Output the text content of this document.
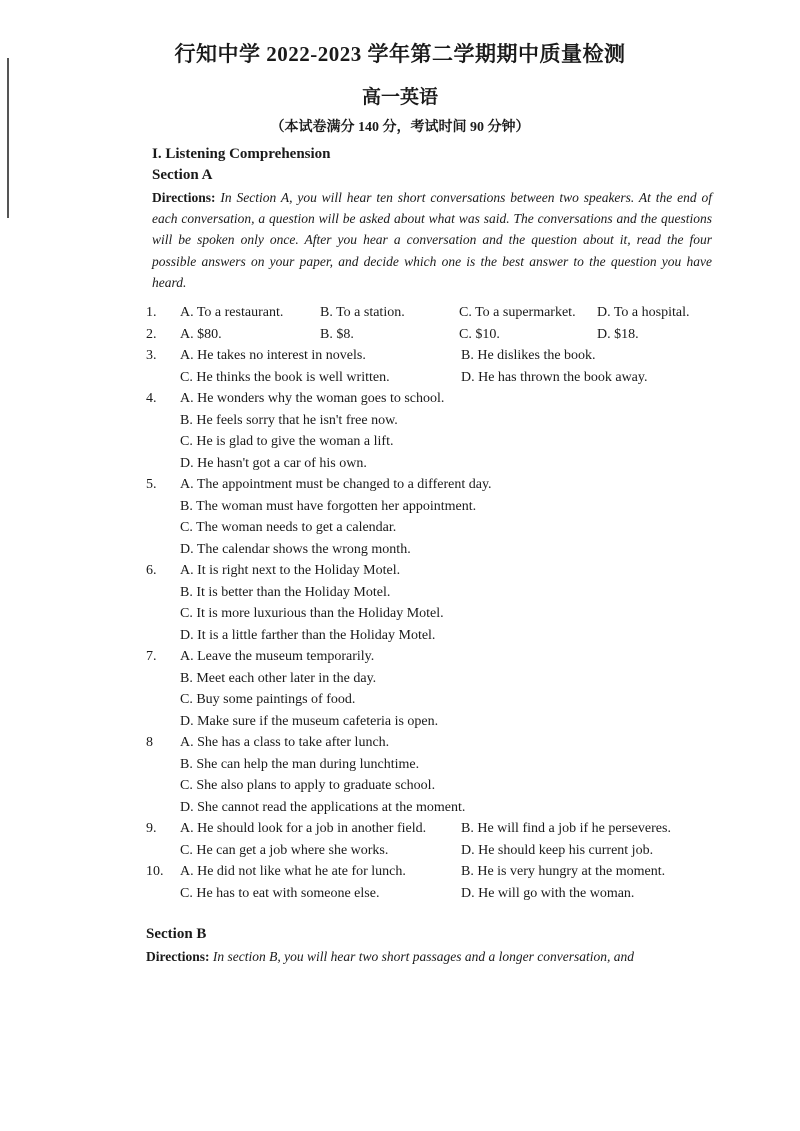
行知中学 2022-2023 学年第二学期期中质量检测
高一英语
（本试卷满分 140 分，考试时间 90 分钟）
I. Listening Comprehension
Section A
Directions: In Section A, you will hear ten short conversations between two speakers. At the end of each conversation, a question will be asked about what was said. The conversations and the questions will be spoken only once. After you hear a conversation and the question about it, read the four possible answers on your paper, and decide which one is the best answer to the question you have heard.
1.	A. To a restaurant.	B. To a station.	C. To a supermarket. D. To a hospital.
2.	A. $80.	B. $8.	C. $10.	D. $18.
3.	A. He takes no interest in novels.	B. He dislikes the book.
C. He thinks the book is well written.	D. He has thrown the book away.
4.	A. He wonders why the woman goes to school.
B. He feels sorry that he isn't free now.
C. He is glad to give the woman a lift.
D. He hasn't got a car of his own.
5.	A. The appointment must be changed to a different day.
B. The woman must have forgotten her appointment.
C. The woman needs to get a calendar.
D. The calendar shows the wrong month.
6.	A. It is right next to the Holiday Motel.
B. It is better than the Holiday Motel.
C. It is more luxurious than the Holiday Motel.
D. It is a little farther than the Holiday Motel.
7.	A. Leave the museum temporarily.
B. Meet each other later in the day.
C. Buy some paintings of food.
D. Make sure if the museum cafeteria is open.
8	A. She has a class to take after lunch.
B. She can help the man during lunchtime.
C. She also plans to apply to graduate school.
D. She cannot read the applications at the moment.
9.	A. He should look for a job in another field. B. He will find a job if he perseveres.
C. He can get a job where she works.	D. He should keep his current job.
10.	A. He did not like what he ate for lunch.	B. He is very hungry at the moment.
C. He has to eat with someone else.	D. He will go with the woman.
Section B
Directions: In section B, you will hear two short passages and a longer conversation, and
